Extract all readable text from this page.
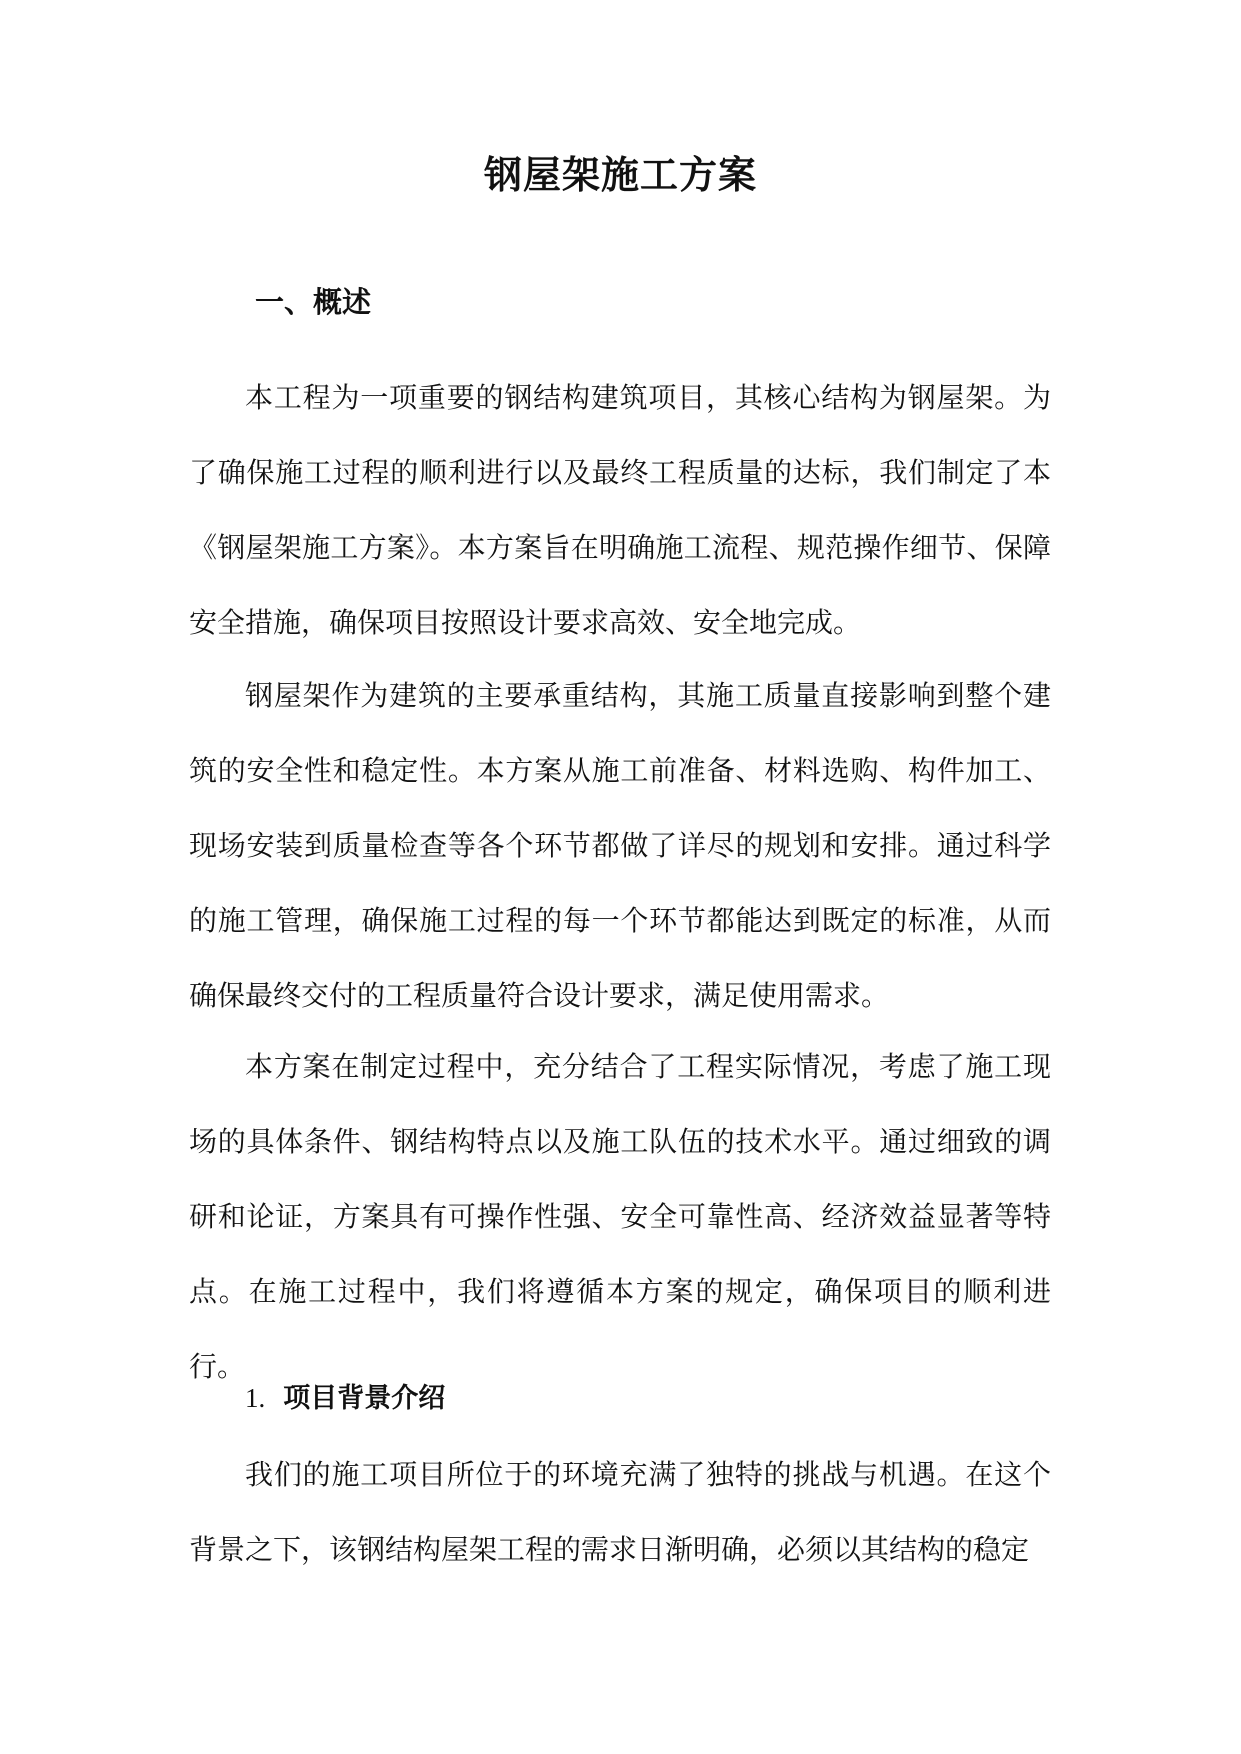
钢屋架施工方案
一、概述

本工程为一项重要的钢结构建筑项目，其核心结构为钢屋架。为了确保施工过程的顺利进行以及最终工程质量的达标，我们制定了本《钢屋架施工方案》。本方案旨在明确施工流程、规范操作细节、保障安全措施，确保项目按照设计要求高效、安全地完成。

钢屋架作为建筑的主要承重结构，其施工质量直接影响到整个建筑的安全性和稳定性。本方案从施工前准备、材料选购、构件加工、现场安装到质量检查等各个环节都做了详尽的规划和安排。通过科学的施工管理，确保施工过程的每一个环节都能达到既定的标准，从而确保最终交付的工程质量符合设计要求，满足使用需求。

本方案在制定过程中，充分结合了工程实际情况，考虑了施工现场的具体条件、钢结构特点以及施工队伍的技术水平。通过细致的调研和论证，方案具有可操作性强、安全可靠性高、经济效益显著等特点。在施工过程中，我们将遵循本方案的规定，确保项目的顺利进行。

1. 项目背景介绍

我们的施工项目所位于的环境充满了独特的挑战与机遇。在这个背景之下，该钢结构屋架工程的需求日渐明确，必须以其结构的稳定
